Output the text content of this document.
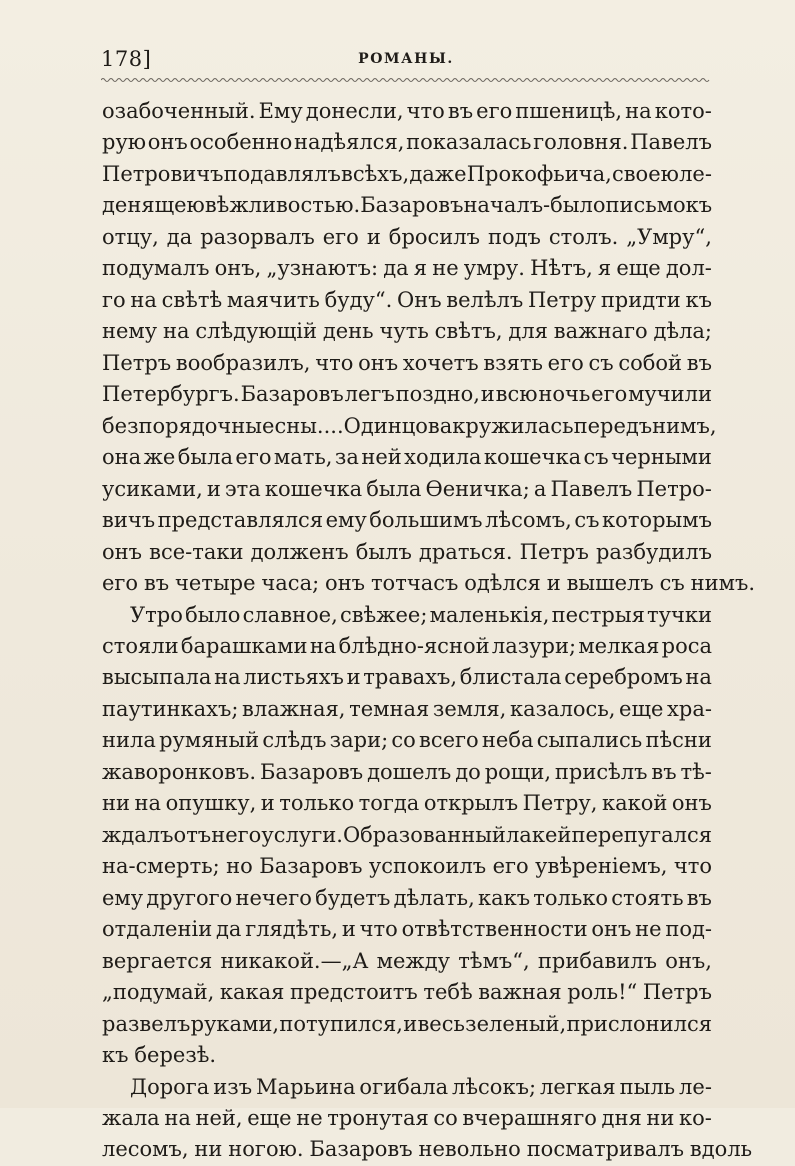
178]	РОМАНЫ.
озабоченный. Ему донесли, что въ его пшеницѣ, на кото-
рую онъ особенно надѣялся, показалась головня. Павелъ
Петровичъ подавлялъ всѣхъ, даже Прокофьича, своею ле-
денящею вѣжливостью. Базаровъ началъ-было письмо къ
отцу, да разорвалъ его и бросилъ подъ столъ. „Умру“,
подумалъ онъ, „узнаютъ: да я не умру. Нѣтъ, я еще дол-
го на свѣтѣ маячить буду“. Онъ велѣлъ Петру придти къ
нему на слѣдующій день чуть свѣтъ, для важнаго дѣла;
Петръ вообразилъ, что онъ хочетъ взять его съ собой въ
Петербургъ. Базаровъ легъ поздно, и всю ночь его мучили
безпорядочные сны.... Одинцова кружилась передъ нимъ,
она же была его мать, за ней ходила кошечка съ черными
усиками, и эта кошечка была Ѳеничка; а Павелъ Петро-
вичъ представлялся ему большимъ лѣсомъ, съ которымъ
онъ все-таки долженъ былъ драться. Петръ разбудилъ
его въ четыре часа; онъ тотчасъ одѣлся и вышелъ съ нимъ.
Утро было славное, свѣжее; маленькія, пестрыя тучки
стояли барашками на блѣдно-ясной лазури; мелкая роса
высыпала на листьяхъ и травахъ, блистала серебромъ на
паутинкахъ; влажная, темная земля, казалось, еще хра-
нила румяный слѣдъ зари; со всего неба сыпались пѣсни
жаворонковъ. Базаровъ дошелъ до рощи, присѣлъ въ тѣ-
ни на опушку, и только тогда открылъ Петру, какой онъ
ждалъ отъ него услуги. Образованный лакей перепугался
на-смерть; но Базаровъ успокоилъ его увѣреніемъ, что
ему другого нечего будетъ дѣлать, какъ только стоять въ
отдаленіи да глядѣть, и что отвѣтственности онъ не под-
вергается никакой.—„А между тѣмъ“, прибавилъ онъ,
„подумай, какая предстоитъ тебѣ важная роль!“ Петръ
развелъ руками, потупился, и весь зеленый, прислонился
къ березѣ.
Дорога изъ Марьина огибала лѣсокъ; легкая пыль ле-
жала на ней, еще не тронутая со вчерашняго дня ни ко-
лесомъ, ни ногою. Базаровъ невольно посматривалъ вдоль
